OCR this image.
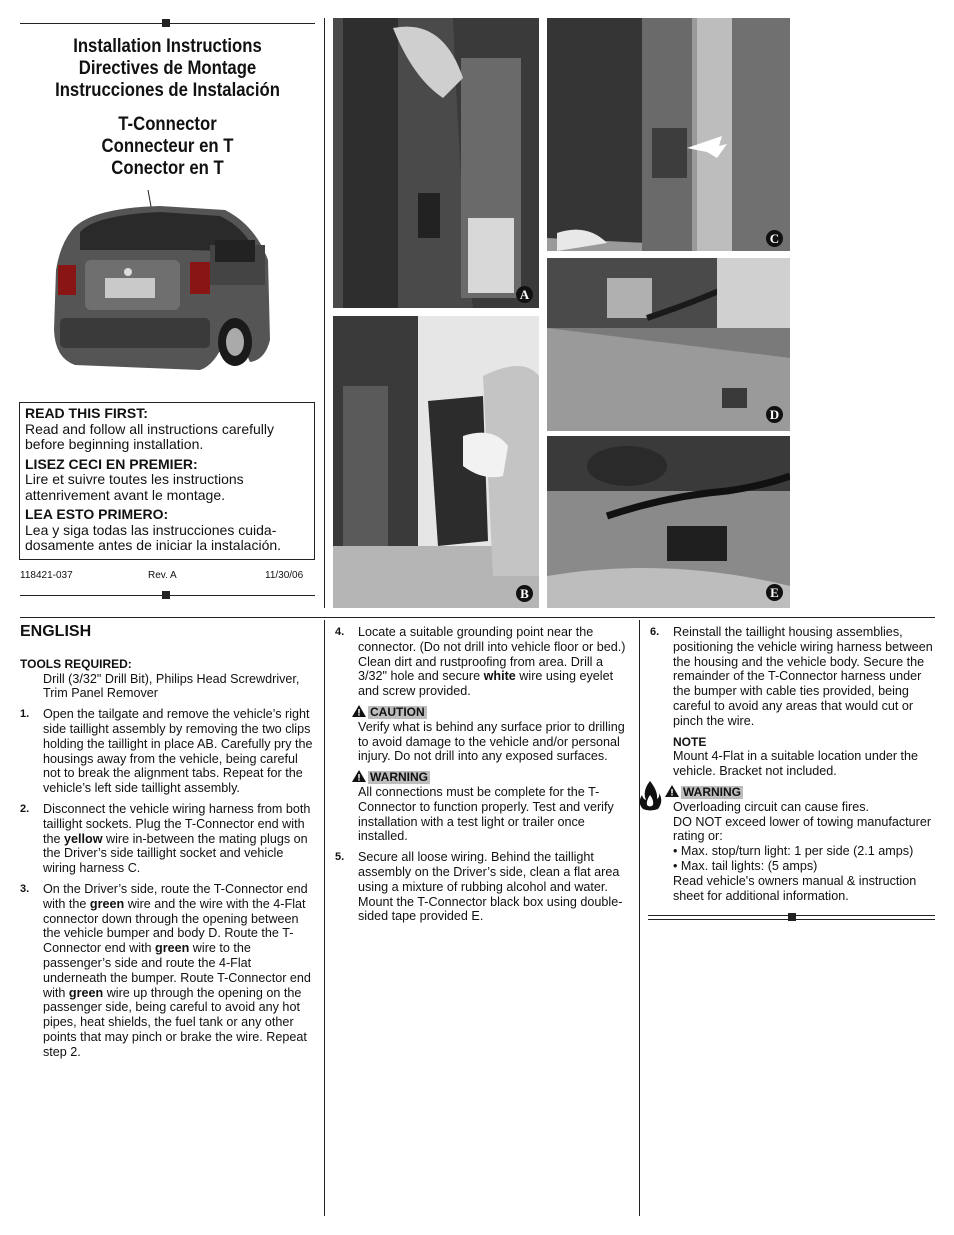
Installation Instructions
Directives de Montage
Instrucciones de Instalación
T-Connector
Connecteur en T
Conector en T
READ THIS FIRST:
Read and follow all instructions carefully before beginning installation.
LISEZ CECI EN PREMIER:
Lire et suivre toutes les instructions attenrivement avant le montage.
LEA ESTO PRIMERO:
Lea y siga todas las instrucciones cuida-dosamente antes de iniciar la instalación.
118421-037	Rev. A	11/30/06
A
B
C
D
E
ENGLISH
TOOLS REQUIRED:
Drill (3/32" Drill Bit), Philips Head Screwdriver, Trim Panel Remover
1. Open the tailgate and remove the vehicle’s right side taillight assembly by removing the two clips holding the taillight in place AB. Carefully pry the housings away from the vehicle, being careful not to break the alignment tabs. Repeat for the vehicle’s left side taillight assembly.
2. Disconnect the vehicle wiring harness from both taillight sockets. Plug the T-Connector end with the yellow wire in-between the mating plugs on the Driver’s side taillight socket and vehicle wiring harness C.
3. On the Driver’s side, route the T-Connector end with the green wire and the wire with the 4-Flat connector down through the opening between the vehicle bumper and body D. Route the T-Connector end with green wire to the passenger’s side and route the 4-Flat underneath the bumper. Route T-Connector end with green wire up through the opening on the passenger side, being careful to avoid any hot pipes, heat shields, the fuel tank or any other points that may pinch or brake the wire. Repeat step 2.
4. Locate a suitable grounding point near the connector. (Do not drill into vehicle floor or bed.) Clean dirt and rustproofing from area. Drill a 3/32" hole and secure white wire using eyelet and screw provided.
CAUTION
Verify what is behind any surface prior to drilling to avoid damage to the vehicle and/or personal injury. Do not drill into any exposed surfaces.
WARNING
All connections must be complete for the T-Connector to function properly. Test and verify installation with a test light or trailer once installed.
5. Secure all loose wiring. Behind the taillight assembly on the Driver’s side, clean a flat area using a mixture of rubbing alcohol and water. Mount the T-Connector black box using double-sided tape provided E.
6. Reinstall the taillight housing assemblies, positioning the vehicle wiring harness between the housing and the vehicle body. Secure the remainder of the T-Connector harness under the bumper with cable ties provided, being careful to avoid any areas that would cut or pinch the wire.
NOTE
Mount 4-Flat in a suitable location under the vehicle. Bracket not included.
WARNING
Overloading circuit can cause fires.
DO NOT exceed lower of towing manufacturer rating or:
• Max. stop/turn light: 1 per side (2.1 amps)
• Max. tail lights: (5 amps)
Read vehicle's owners manual & instruction sheet for additional information.
